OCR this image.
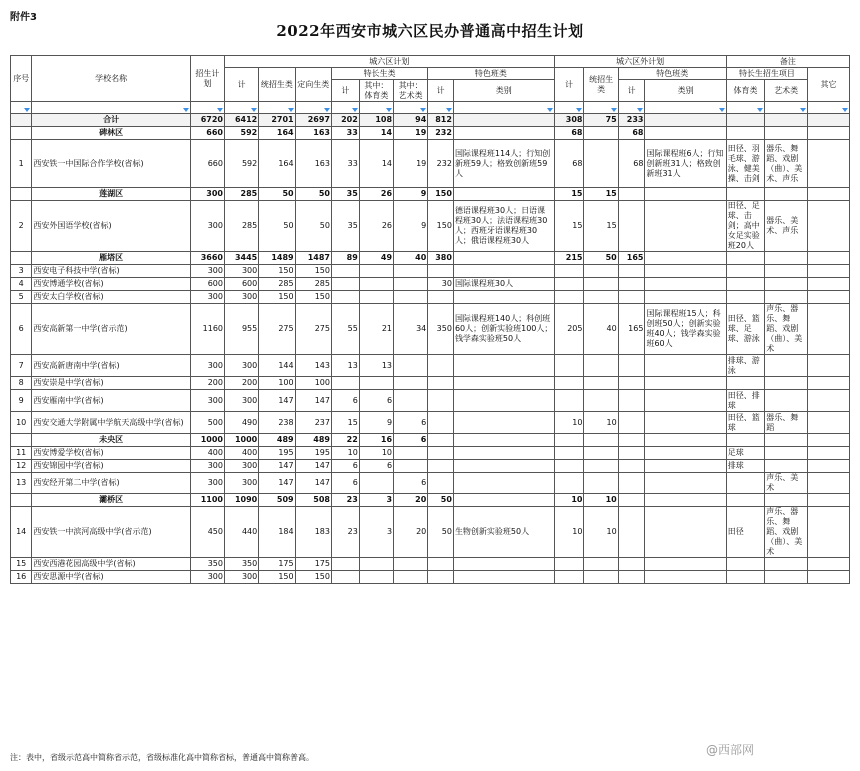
附件3
2022年西安市城六区民办普通高中招生计划
序号	学校名称	招生计划	城六区计划								城六区外计划				备注		
			计	统招生类	定向生类	特长生类			特色班类		计	统招生类	特色班类		特长生招生项目		其它
						计	其中：体育类	其中：艺术类	计	类别			计	类别	体育类	艺术类	

	合计	6720	6412	2701	2697	202	108	94	812		308	75	233				
	碑林区	660	592	164	163	33	14	19	232		68		68				
1	西安铁一中国际合作学校(省标)	660	592	164	163	33	14	19	232	国际课程班114人；行知创新班59人；格致创新班59人	68		68	国际课程班6人；行知创新班31人；格致创新班31人	田径、羽毛球、游泳、健美操、击剑	器乐、舞蹈、戏剧（曲）、美术、声乐	
	莲湖区	300	285	50	50	35	26	9	150		15	15					
2	西安外国语学校(省标)	300	285	50	50	35	26	9	150	德语课程班30人；日语课程班30人；法语课程班30人；西班牙语课程班30人；俄语课程班30人	15	15			田径、足球、击剑；高中女足实验班20人	器乐、美术、声乐	
	雁塔区	3660	3445	1489	1487	89	49	40	380		215	50	165				
3	西安电子科技中学(省标)	300	300	150	150												
4	西安博通学校(省标)	600	600	285	285				30	国际课程班30人							
5	西安太白学校(省标)	300	300	150	150												
6	西安高新第一中学(省示范)	1160	955	275	275	55	21	34	350	国际课程班140人；科创班60人；创新实验班100人；钱学森实验班50人	205	40	165	国际课程班15人；科创班50人；创新实验班40人；钱学森实验班60人	田径、篮球、足球、游泳	声乐、器乐、舞蹈、戏剧（曲）、美术	
7	西安高新唐南中学(省标)	300	300	144	143	13	13								排球、游泳		
8	西安崇是中学(省标)	200	200	100	100												
9	西安雁南中学(省标)	300	300	147	147	6	6								田径、排球		
10	西安交通大学附属中学航天高级中学(省标)	500	490	238	237	15	9	6			10	10			田径、篮球	器乐、舞蹈	
	未央区	1000	1000	489	489	22	16	6									
11	西安博爱学校(省标)	400	400	195	195	10	10								足球		
12	西安锦园中学(省标)	300	300	147	147	6	6								排球		
13	西安经开第二中学(省标)	300	300	147	147	6		6								声乐、美术	
	灞桥区	1100	1090	509	508	23	3	20	50		10	10					
14	西安铁一中滨河高级中学(省示范)	450	440	184	183	23	3	20	50	生物创新实验班50人	10	10			田径	声乐、器乐、舞蹈、戏剧（曲）、美术	
15	西安西港花园高级中学(省标)	350	350	175	175												
16	西安思源中学(省标)	300	300	150	150												
注：表中，省级示范高中简称省示范，省级标准化高中简称省标，普通高中简称普高。
@西部网
